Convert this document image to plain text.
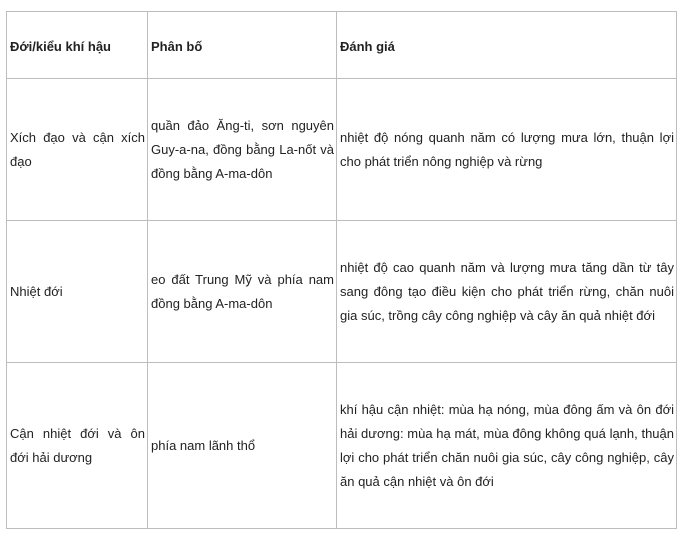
Đới/kiểu khí hậu	Phân bố	Đánh giá
Xích đạo và cận xích đạo	quần đảo Ăng-ti, sơn nguyên Guy-a-na, đồng bằng La-nốt và đồng bằng A-ma-dôn	nhiệt độ nóng quanh năm có lượng mưa lớn, thuận lợi cho phát triển nông nghiệp và rừng
Nhiệt đới	eo đất Trung Mỹ và phía nam đồng bằng A-ma-dôn	nhiệt độ cao quanh năm và lượng mưa tăng dần từ tây sang đông tạo điều kiện cho phát triển rừng, chăn nuôi gia súc, trồng cây công nghiệp và cây ăn quả nhiệt đới
Cận nhiệt đới và ôn đới hải dương	phía nam lãnh thổ	khí hậu cận nhiệt: mùa hạ nóng, mùa đông ấm và ôn đới hải dương: mùa hạ mát, mùa đông không quá lạnh, thuận lợi cho phát triển chăn nuôi gia súc, cây công nghiệp, cây ăn quả cận nhiệt và ôn đới
